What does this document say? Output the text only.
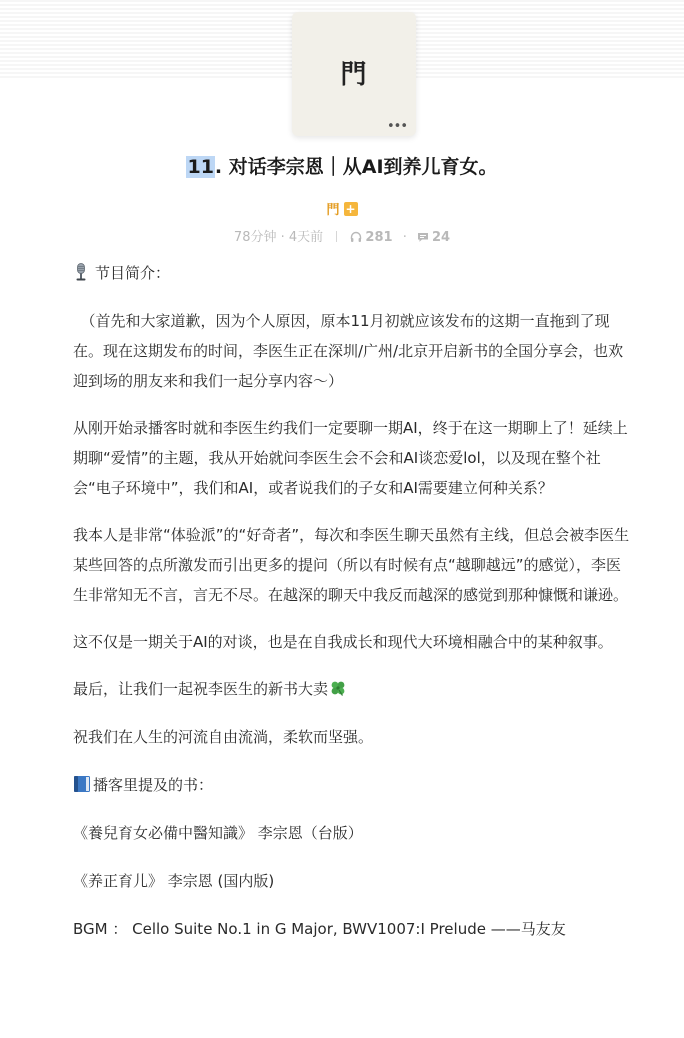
門
•••
11. 对话李宗恩｜从AI到养儿育女。
門 +
78分钟 · 4天前	281 · 24

节目简介：

　（首先和大家道歉，因为个人原因，原本11月初就应该发布的这期一直拖到了现在。现在这期发布的时间，李医生正在深圳/广州/北京开启新书的全国分享会，也欢迎到场的朋友来和我们一起分享内容～）

从刚开始录播客时就和李医生约我们一定要聊一期AI，终于在这一期聊上了！延续上期聊“爱情”的主题，我从开始就问李医生会不会和AI谈恋爱lol，以及现在整个社会“电子环境中”，我们和AI，或者说我们的子女和AI需要建立何种关系？

我本人是非常“体验派”的“好奇者”，每次和李医生聊天虽然有主线，但总会被李医生某些回答的点所激发而引出更多的提问（所以有时候有点“越聊越远”的感觉），李医生非常知无不言，言无不尽。在越深的聊天中我反而越深的感觉到那种慷慨和谦逊。

这不仅是一期关于AI的对谈，也是在自我成长和现代大环境相融合中的某种叙事。

最后，让我们一起祝李医生的新书大卖

祝我们在人生的河流自由流淌，柔软而坚强。

播客里提及的书：

《養兒育女必備中醫知識》 李宗恩（台版）

《养正育儿》 李宗恩 (国内版)

BGM ： Cello Suite No.1 in G Major, BWV1007:I Prelude ——马友友
